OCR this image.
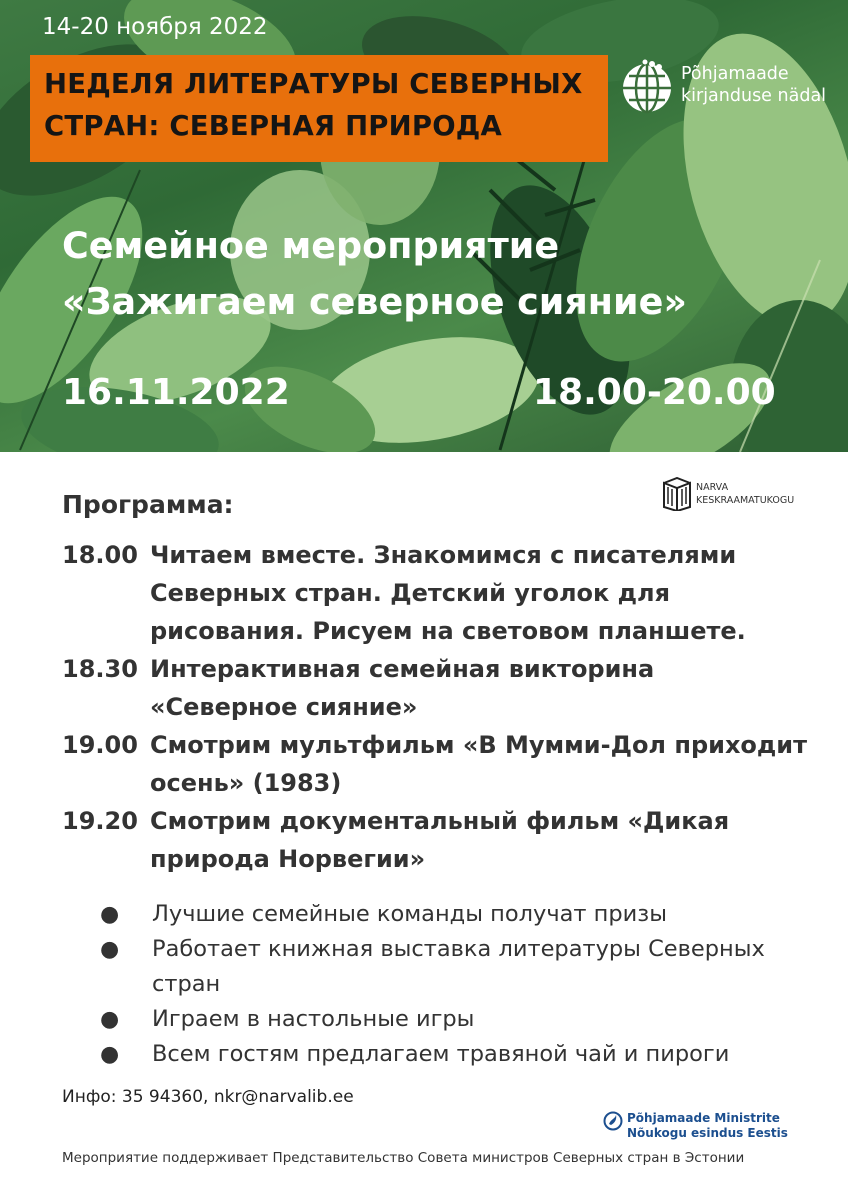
14-20 ноября 2022
НЕДЕЛЯ ЛИТЕРАТУРЫ СЕВЕРНЫХ
СТРАН: СЕВЕРНАЯ ПРИРОДА
Põhjamaade
kirjanduse nädal
Семейное мероприятие
«Зажигаем северное сияние»
16.11.2022	18.00-20.00
Программа:
NARVA
KESKRAAMATUKOGU
18.00 Читаем вместе. Знакомимся с писателями
Северных стран. Детский уголок для
рисования. Рисуем на световом планшете.
18.30 Интерактивная семейная викторина
«Северное сияние»
19.00 Смотрим мультфильм «В Мумми-Дол приходит
осень» (1983)
19.20 Смотрим документальный фильм «Дикая
природа Норвегии»
●	Лучшие семейные команды получат призы
●	Работает книжная выставка литературы Северных
стран
●	Играем в настольные игры
●	Всем гостям предлагаем травяной чай и пироги
Инфо: 35 94360, nkr@narvalib.ee
Põhjamaade Ministrite
Nõukogu esindus Eestis
Мероприятие поддерживает Представительство Совета министров Северных стран в Эстонии
